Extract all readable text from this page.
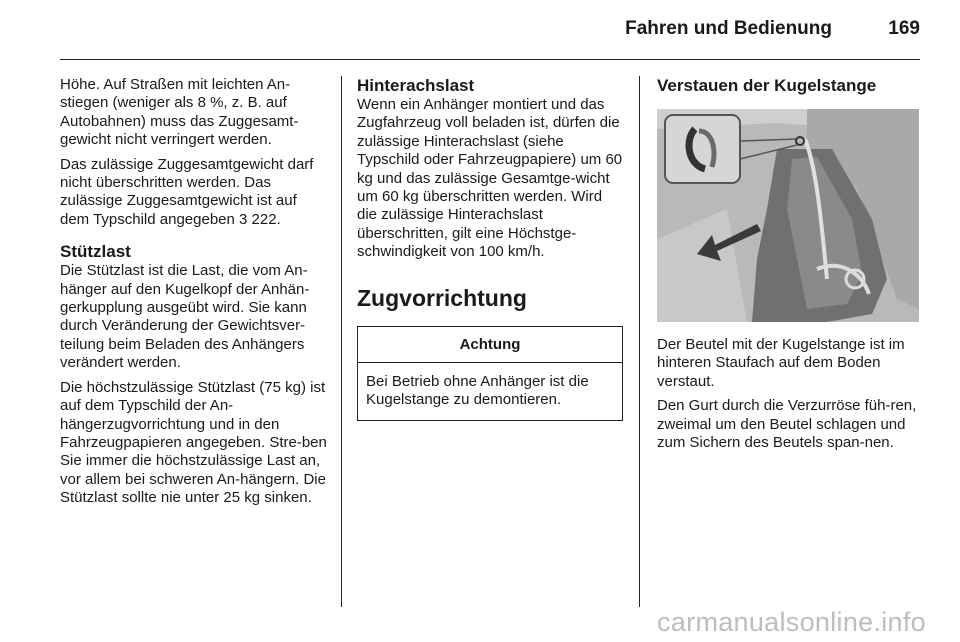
Fahren und Bedienung	169

Höhe. Auf Straßen mit leichten An-stiegen (weniger als 8 %, z. B. auf Autobahnen) muss das Zuggesamt-gewicht nicht verringert werden.

Das zulässige Zuggesamtgewicht darf nicht überschritten werden. Das zulässige Zuggesamtgewicht ist auf dem Typschild angegeben 3 222.

Stützlast

Die Stützlast ist die Last, die vom An-hänger auf den Kugelkopf der Anhän-gerkupplung ausgeübt wird. Sie kann durch Veränderung der Gewichtsver-teilung beim Beladen des Anhängers verändert werden.

Die höchstzulässige Stützlast (75 kg) ist auf dem Typschild der An-hängerzugvorrichtung und in den Fahrzeugpapieren angegeben. Stre-ben Sie immer die höchstzulässige Last an, vor allem bei schweren An-hängern. Die Stützlast sollte nie unter 25 kg sinken.

Hinterachslast

Wenn ein Anhänger montiert und das Zugfahrzeug voll beladen ist, dürfen die zulässige Hinterachslast (siehe Typschild oder Fahrzeugpapiere) um 60 kg und das zulässige Gesamtge-wicht um 60 kg überschritten werden. Wird die zulässige Hinterachslast überschritten, gilt eine Höchstge-schwindigkeit von 100 km/h.

Zugvorrichtung
Achtung
Bei Betrieb ohne Anhänger ist die Kugelstange zu demontieren.
Verstauen der Kugelstange

Der Beutel mit der Kugelstange ist im hinteren Staufach auf dem Boden verstaut.

Den Gurt durch die Verzurröse füh-ren, zweimal um den Beutel schlagen und zum Sichern des Beutels span-nen.

carmanualsonline.info
